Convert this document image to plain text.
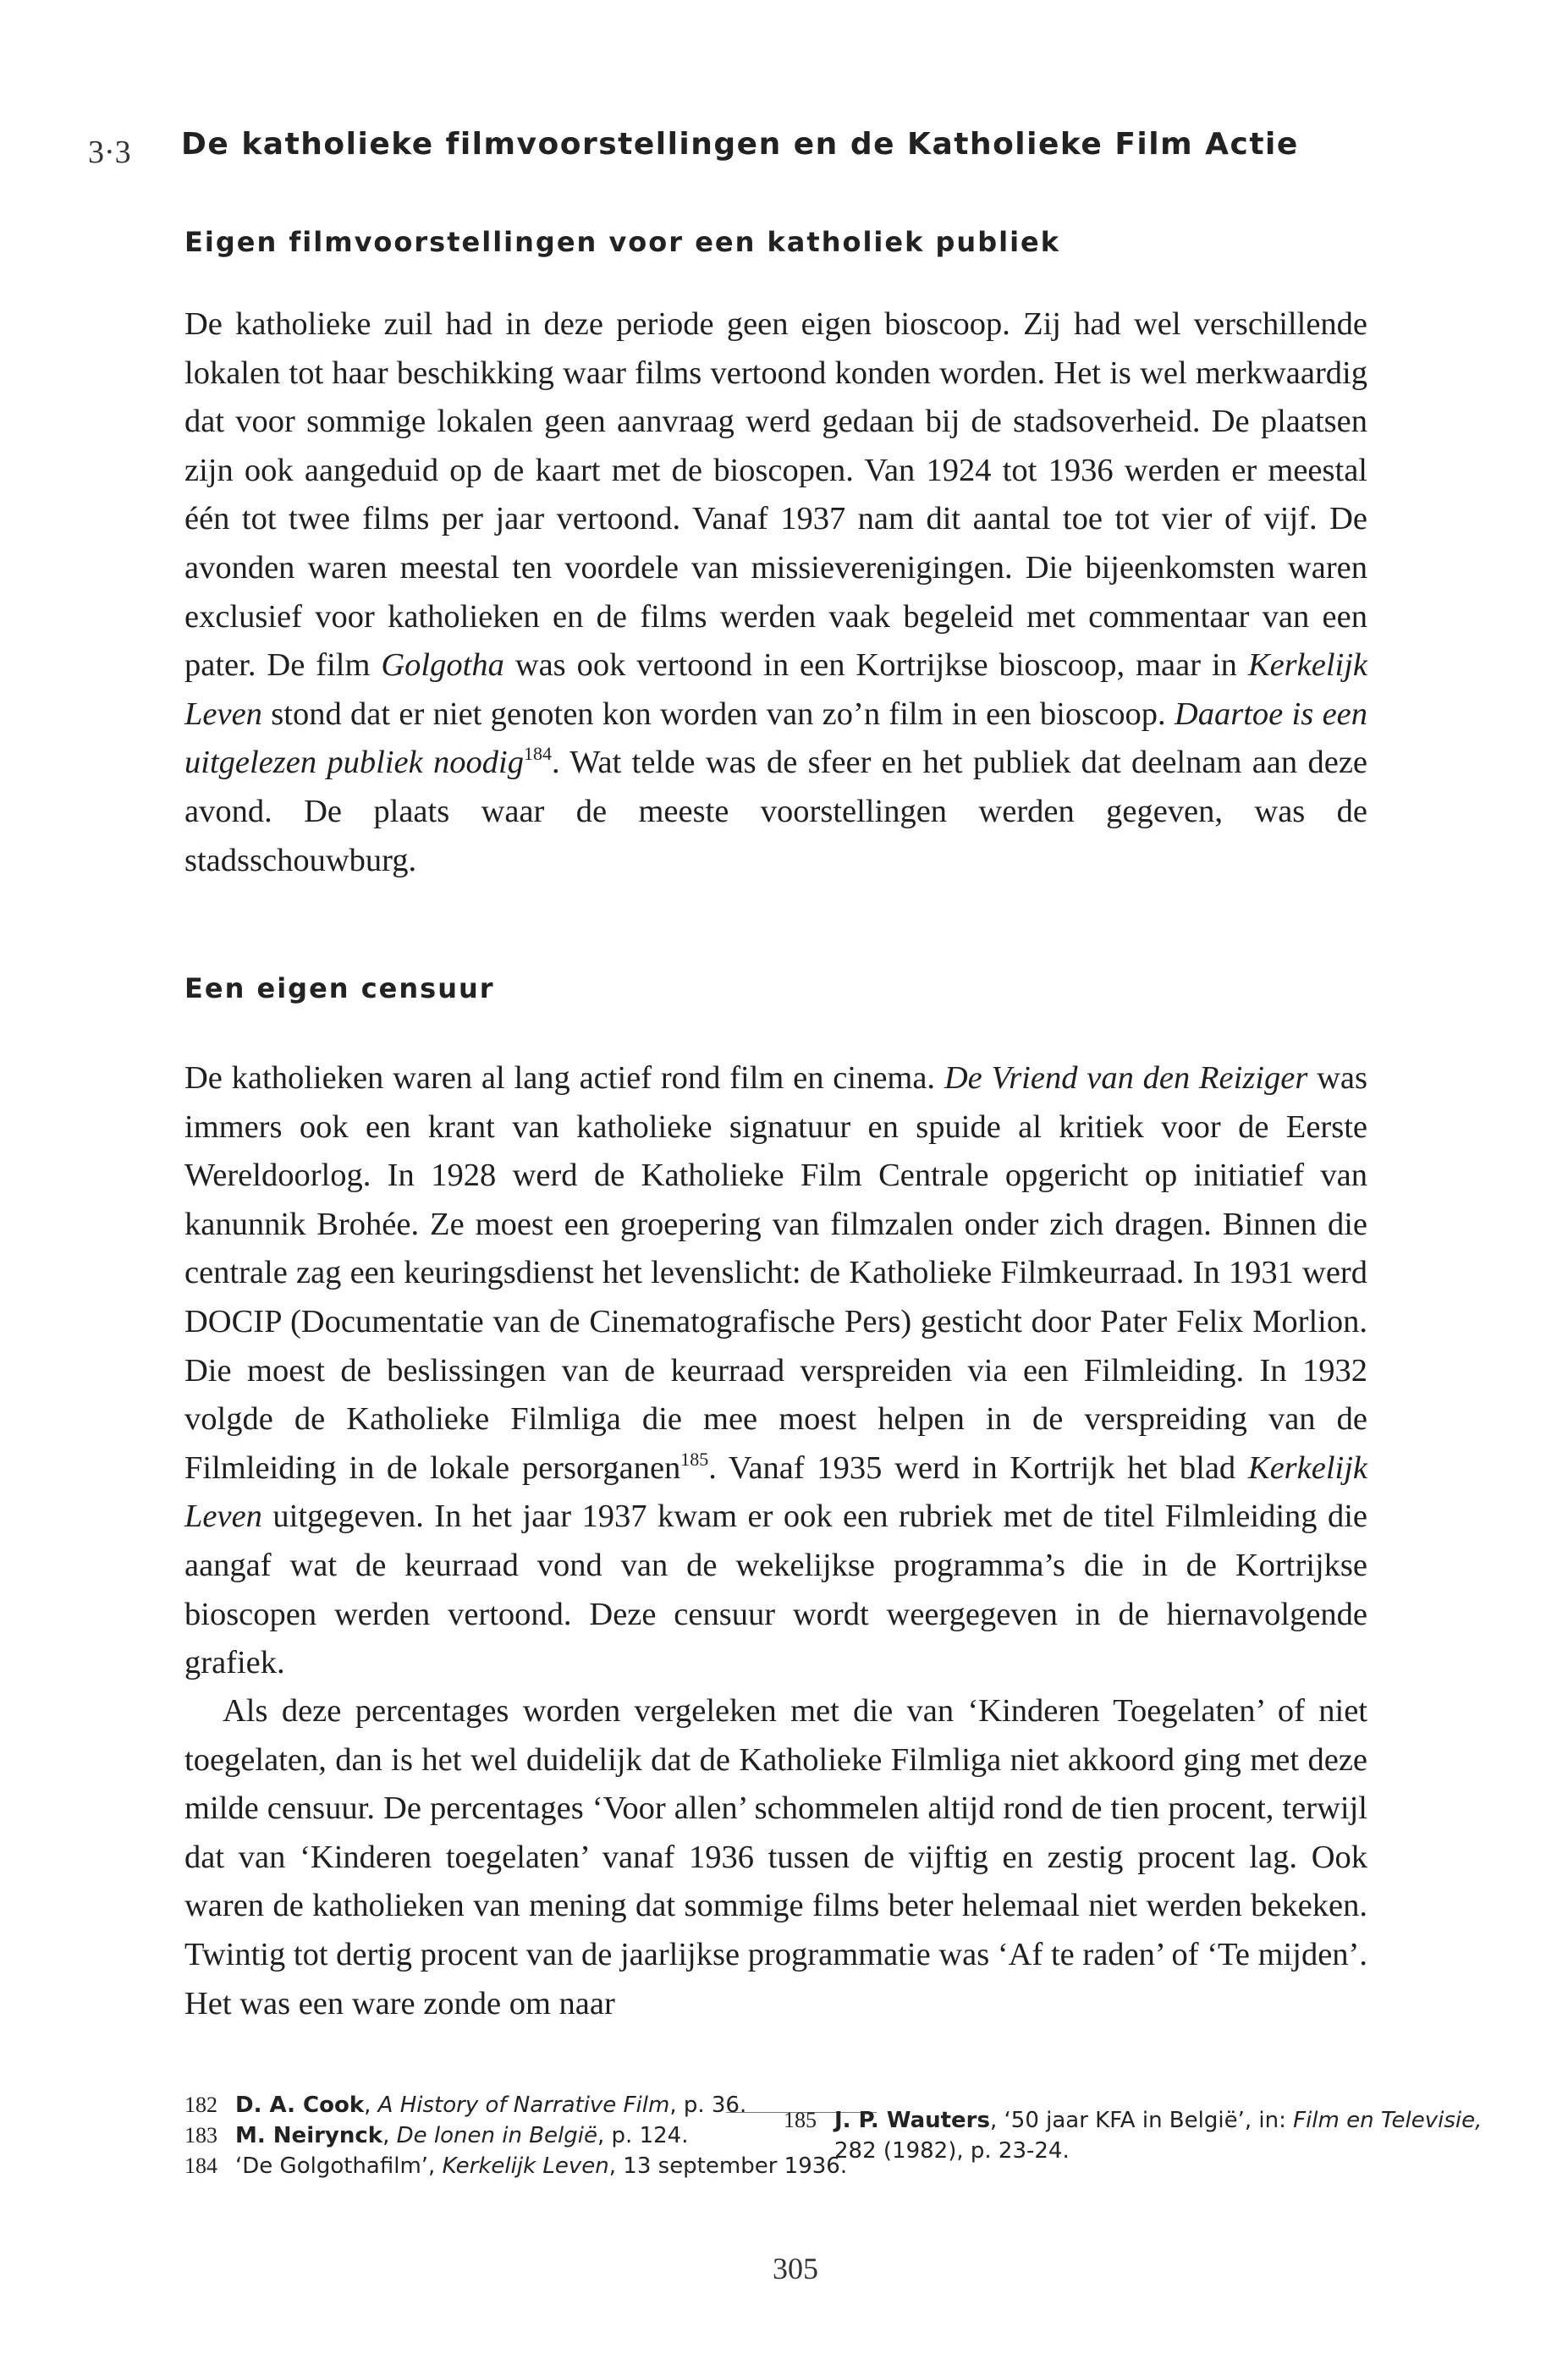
3·3	De katholieke filmvoorstellingen en de Katholieke Film Actie
Eigen filmvoorstellingen voor een katholiek publiek

De katholieke zuil had in deze periode geen eigen bioscoop. Zij had wel verschillende lokalen tot haar beschikking waar films vertoond konden worden. Het is wel merkwaardig dat voor sommige lokalen geen aanvraag werd gedaan bij de stadsoverheid. De plaatsen zijn ook aangeduid op de kaart met de bioscopen. Van 1924 tot 1936 werden er meestal één tot twee films per jaar vertoond. Vanaf 1937 nam dit aantal toe tot vier of vijf. De avonden waren meestal ten voordele van missieverenigingen. Die bijeenkomsten waren exclusief voor katholieken en de films werden vaak begeleid met commentaar van een pater. De film Golgotha was ook vertoond in een Kortrijkse bioscoop, maar in Kerkelijk Leven stond dat er niet genoten kon worden van zo’n film in een bioscoop. Daartoe is een uitgelezen publiek noodig$^{184}$. Wat telde was de sfeer en het publiek dat deelnam aan deze avond. De plaats waar de meeste voorstellingen werden gegeven, was de stadsschouwburg.

Een eigen censuur

De katholieken waren al lang actief rond film en cinema. De Vriend van den Reiziger was immers ook een krant van katholieke signatuur en spuide al kritiek voor de Eerste Wereldoorlog. In 1928 werd de Katholieke Film Centrale opgericht op initiatief van kanunnik Brohée. Ze moest een groepering van filmzalen onder zich dragen. Binnen die centrale zag een keuringsdienst het levenslicht: de Katholieke Filmkeurraad. In 1931 werd DOCIP (Documentatie van de Cinematografische Pers) gesticht door Pater Felix Morlion. Die moest de beslissingen van de keurraad verspreiden via een Filmleiding. In 1932 volgde de Katholieke Filmliga die mee moest helpen in de verspreiding van de Filmleiding in de lokale persorganen$^{185}$. Vanaf 1935 werd in Kortrijk het blad Kerkelijk Leven uitgegeven. In het jaar 1937 kwam er ook een rubriek met de titel Filmleiding die aangaf wat de keurraad vond van de wekelijkse programma’s die in de Kortrijkse bioscopen werden vertoond. Deze censuur wordt weergegeven in de hiernavolgende grafiek.

Als deze percentages worden vergeleken met die van ‘Kinderen Toegelaten’ of niet toegelaten, dan is het wel duidelijk dat de Katholieke Filmliga niet akkoord ging met deze milde censuur. De percentages ‘Voor allen’ schommelen altijd rond de tien procent, terwijl dat van ‘Kinderen toegelaten’ vanaf 1936 tussen de vijftig en zestig procent lag. Ook waren de katholieken van mening dat sommige films beter helemaal niet werden bekeken. Twintig tot dertig procent van de jaarlijkse programmatie was ‘Af te raden’ of ‘Te mijden’. Het was een ware zonde om naar

182 D. A. Cook, A History of Narrative Film, p. 36.

183 M. Neirynck, De lonen in België, p. 124.

184 ‘De Golgothafilm’, Kerkelijk Leven, 13 september 1936.

185 J. P. Wauters, ‘50 jaar KFA in België’, in: Film en Televisie,
282 (1982), p. 23-24.

305
